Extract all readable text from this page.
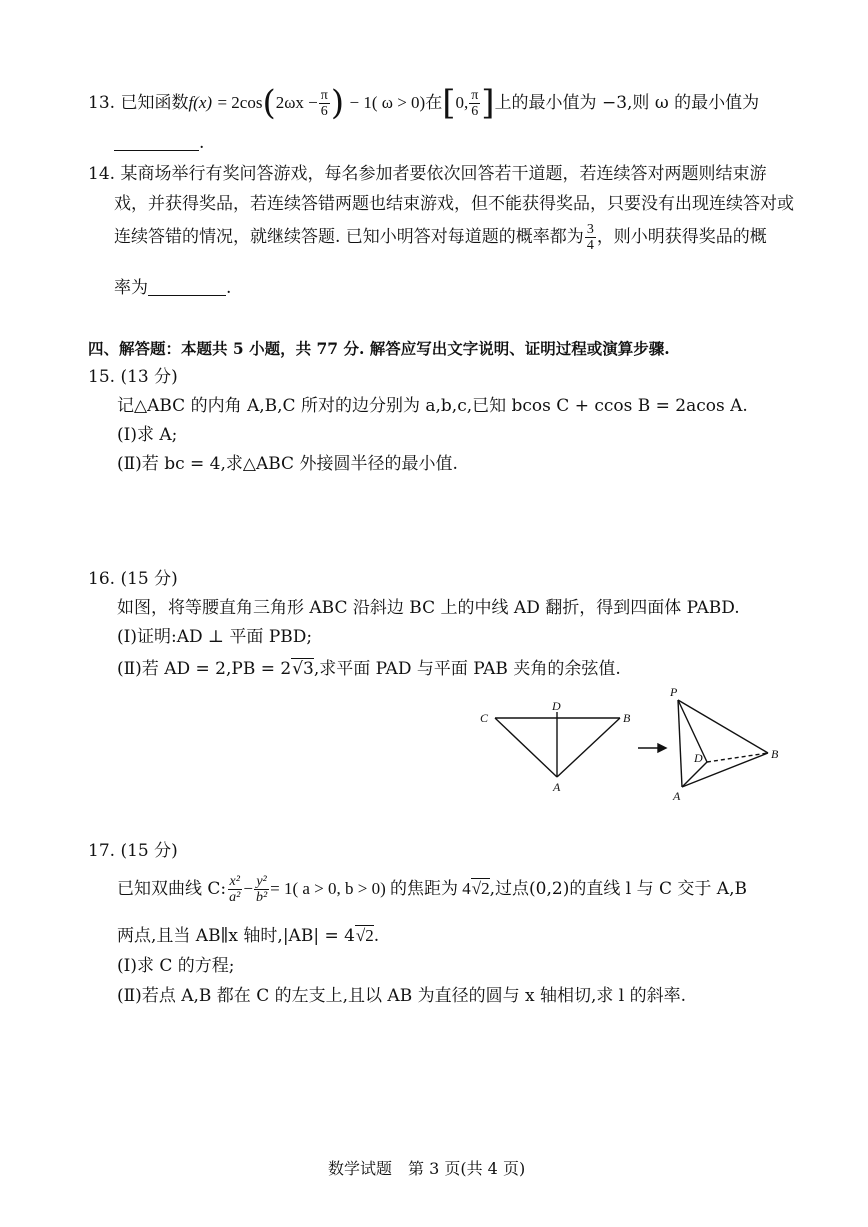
13. 已知函数$f(x) = 2\cos(2\omega x - \frac{\pi}{6}$ ) − 1( ω > 0)在[0, $\frac{\pi}{6}$ ]上的最小值为 −3,则 ω 的最小值为
.
14. 某商场举行有奖问答游戏，每名参加者要依次回答若干道题，若连续答对两题则结束游
戏，并获得奖品，若连续答错两题也结束游戏，但不能获得奖品，只要没有出现连续答对或
连续答错的情况，就继续答题. 已知小明答对每道题的概率都为 $\frac{3}{4}$ ，则小明获得奖品的概
率为	.
四、解答题：本题共 5 小题，共 77 分. 解答应写出文字说明、证明过程或演算步骤.
15. (13 分)
记△ABC 的内角 A,B,C 所对的边分别为 a,b,c,已知 bcos C + ccos B = 2acos A.
(Ⅰ)求 A;
(Ⅱ)若 bc = 4,求△ABC 外接圆半径的最小值.
16. (15 分)
如图，将等腰直角三角形 ABC 沿斜边 BC 上的中线 AD 翻折，得到四面体 PABD.
(Ⅰ)证明:AD ⊥ 平面 PBD;
(Ⅱ)若 AD = 2,PB = 2√3,求平面 PAD 与平面 PAB 夹角的余弦值.
C
D
B
A
P
D	B
A
17. (15 分)
已知双曲线 C: $\frac{\text{x²}}{\text{a²}} - \frac{\text{y²}}{\text{b²}} = 1$( a > 0, b > 0) 的焦距为 4√2,过点(0,2)的直线 l 与 C 交于 A,B
两点,且当 AB∥x 轴时,|AB| = 4√2.
(Ⅰ)求 C 的方程;
(Ⅱ)若点 A,B 都在 C 的左支上,且以 AB 为直径的圆与 x 轴相切,求 l 的斜率.
数学试题　第 3 页(共 4 页)
